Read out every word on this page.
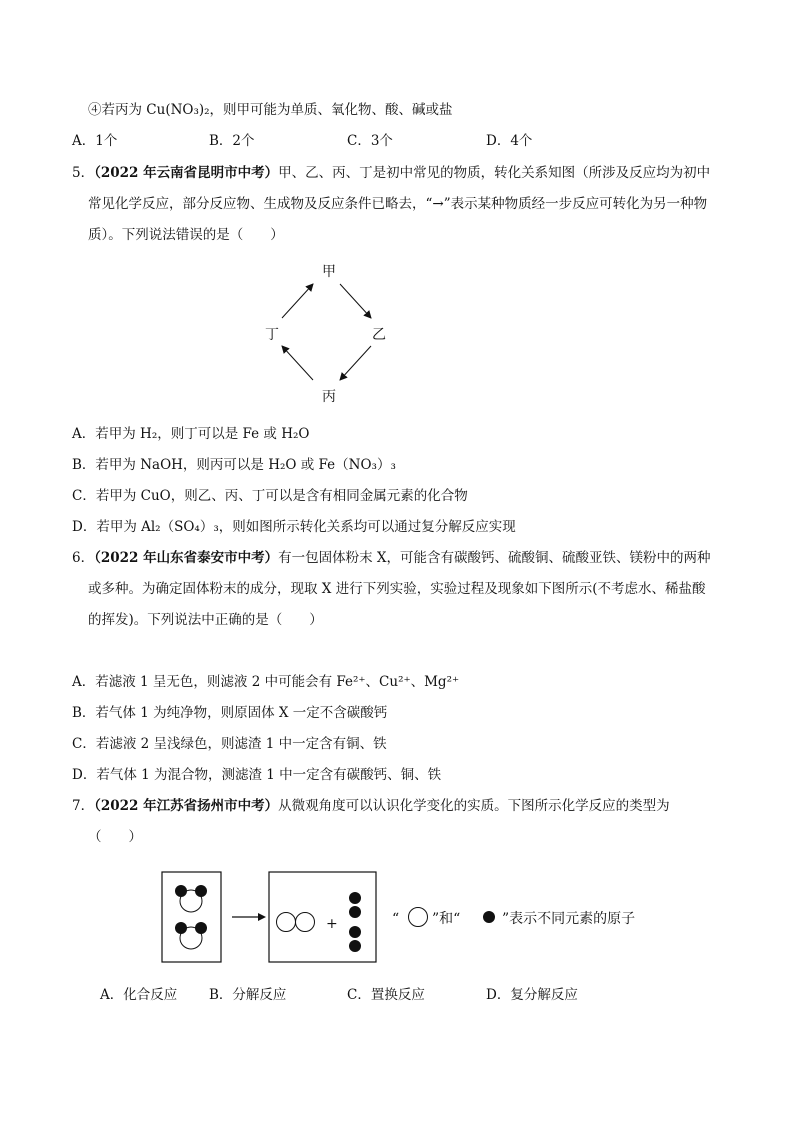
④若丙为 Cu(NO₃)₂，则甲可能为单质、氧化物、酸、碱或盐
A．1个	B．2个	C．3个	D．4个
5．（2022 年云南省昆明市中考）甲、乙、丙、丁是初中常见的物质，转化关系知图（所涉及反应均为初中
常见化学反应，部分反应物、生成物及反应条件已略去，“→”表示某种物质经一步反应可转化为另一种物
质）。下列说法错误的是（　　）
甲
乙
丙
丁
A．若甲为 H₂，则丁可以是 Fe 或 H₂O
B．若甲为 NaOH，则丙可以是 H₂O 或 Fe（NO₃）₃
C．若甲为 CuO，则乙、丙、丁可以是含有相同金属元素的化合物
D．若甲为 Al₂（SO₄）₃，则如图所示转化关系均可以通过复分解反应实现
6．（2022 年山东省泰安市中考）有一包固体粉末 X，可能含有碳酸钙、硫酸铜、硫酸亚铁、镁粉中的两种
或多种。为确定固体粉末的成分，现取 X 进行下列实验，实验过程及现象如下图所示(不考虑水、稀盐酸
的挥发)。下列说法中正确的是（　　）
A．若滤液 1 呈无色，则滤液 2 中可能会有 Fe²⁺、Cu²⁺、Mg²⁺
B．若气体 1 为纯净物，则原固体 X 一定不含碳酸钙
C．若滤液 2 呈浅绿色，则滤渣 1 中一定含有铜、铁
D．若气体 1 为混合物，测滤渣 1 中一定含有碳酸钙、铜、铁
7．（2022 年江苏省扬州市中考）从微观角度可以认识化学变化的实质。下图所示化学反应的类型为
（　　）
+	“ ”和“	”表示不同元素的原子
A．化合反应 B．分解反应	C．置换反应	D．复分解反应
